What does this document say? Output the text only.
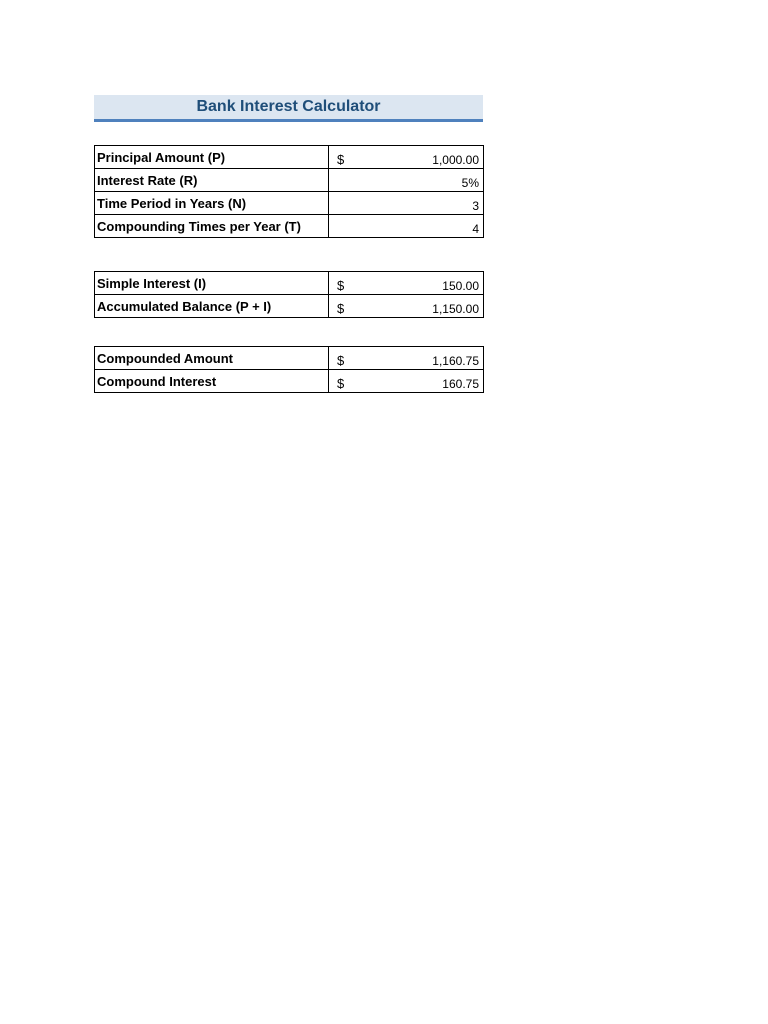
Bank Interest Calculator
Principal Amount (P)	$ 1,000.00

Interest Rate (R)	5%

Time Period in Years (N)	3

Compounding Times per Year (T)	4
Simple Interest (I)	$ 150.00

Accumulated Balance (P + I)	$ 1,150.00
Compounded Amount	$ 1,160.75

Compound Interest	$ 160.75
